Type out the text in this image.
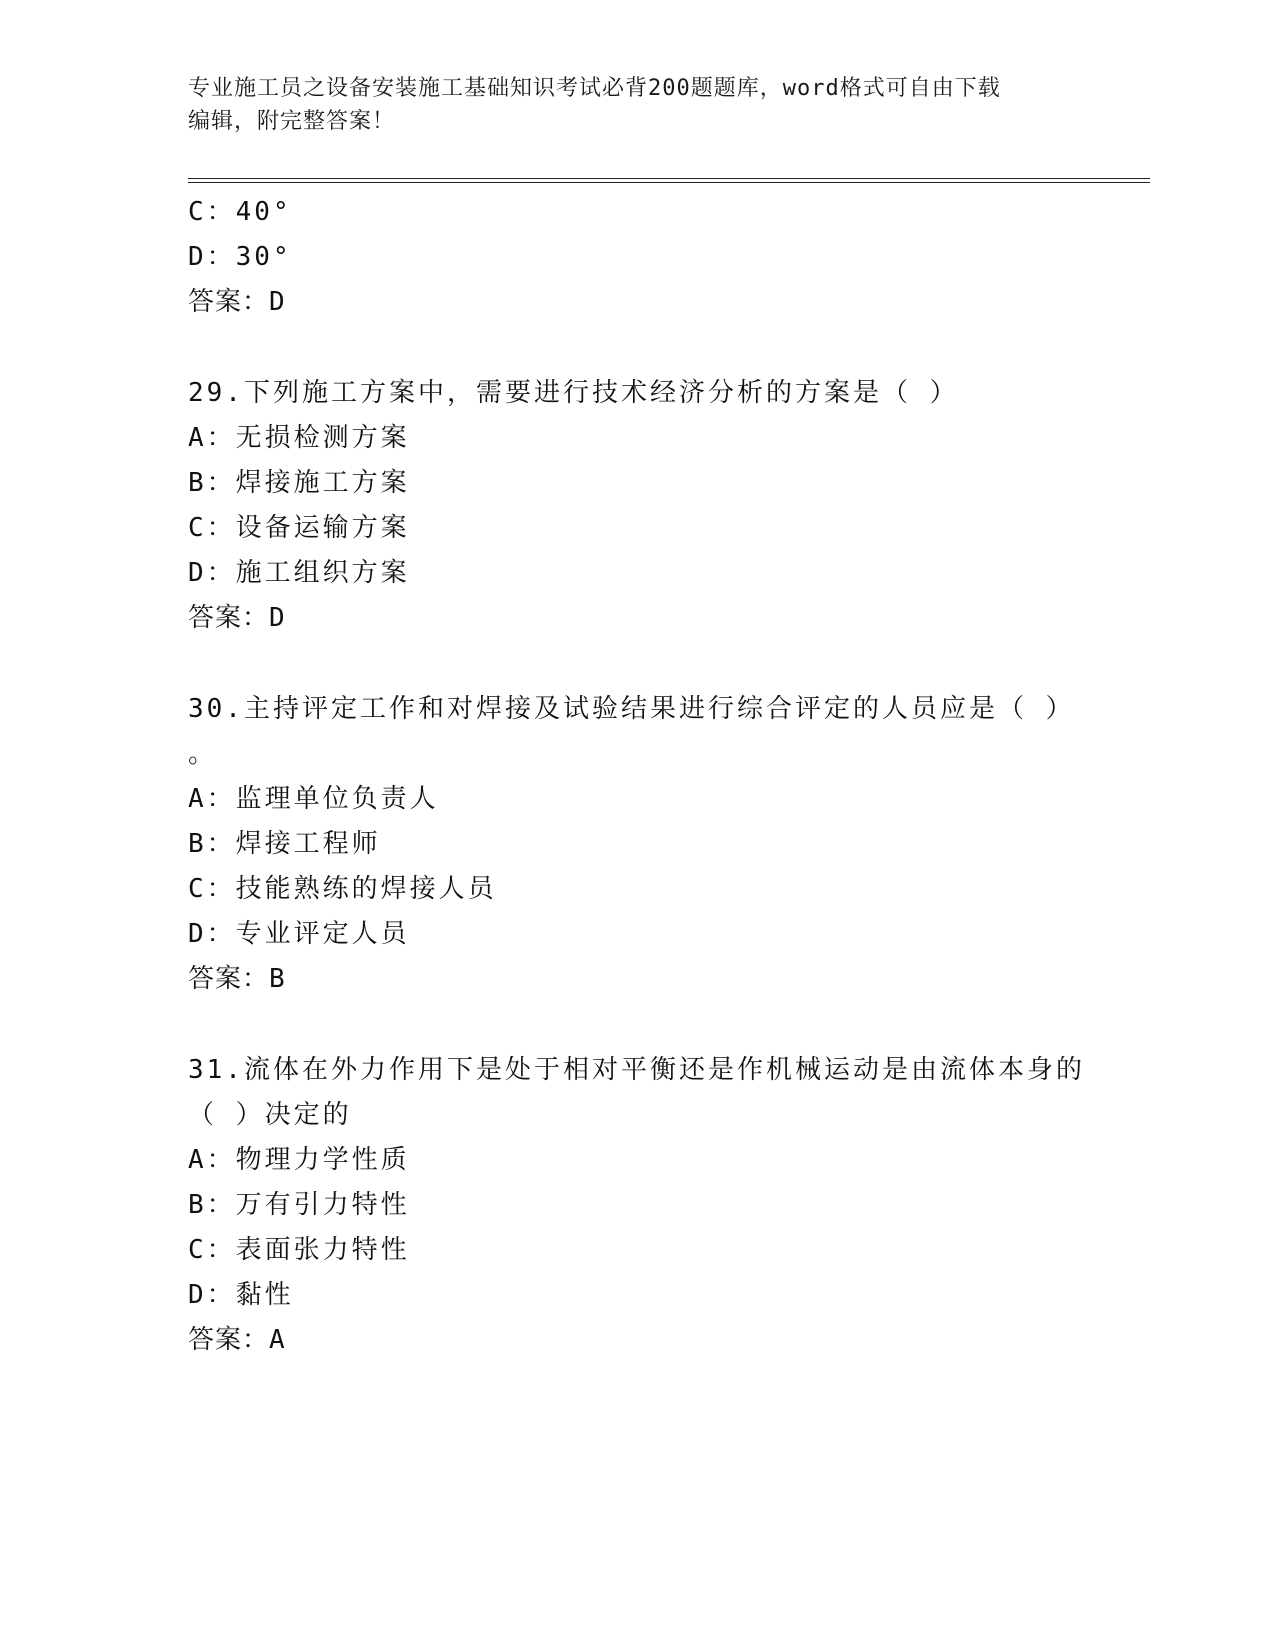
专业施工员之设备安装施工基础知识考试必背200题题库，word格式可自由下载
编辑，附完整答案！
C：40°
D：30°
答案：D
29.下列施工方案中，需要进行技术经济分析的方案是（ ）
A：无损检测方案
B：焊接施工方案
C：设备运输方案
D：施工组织方案
答案：D
30.主持评定工作和对焊接及试验结果进行综合评定的人员应是（ ）
。
A：监理单位负责人
B：焊接工程师
C：技能熟练的焊接人员
D：专业评定人员
答案：B
31.流体在外力作用下是处于相对平衡还是作机械运动是由流体本身的
（ ）决定的
A：物理力学性质
B：万有引力特性
C：表面张力特性
D：黏性
答案：A
